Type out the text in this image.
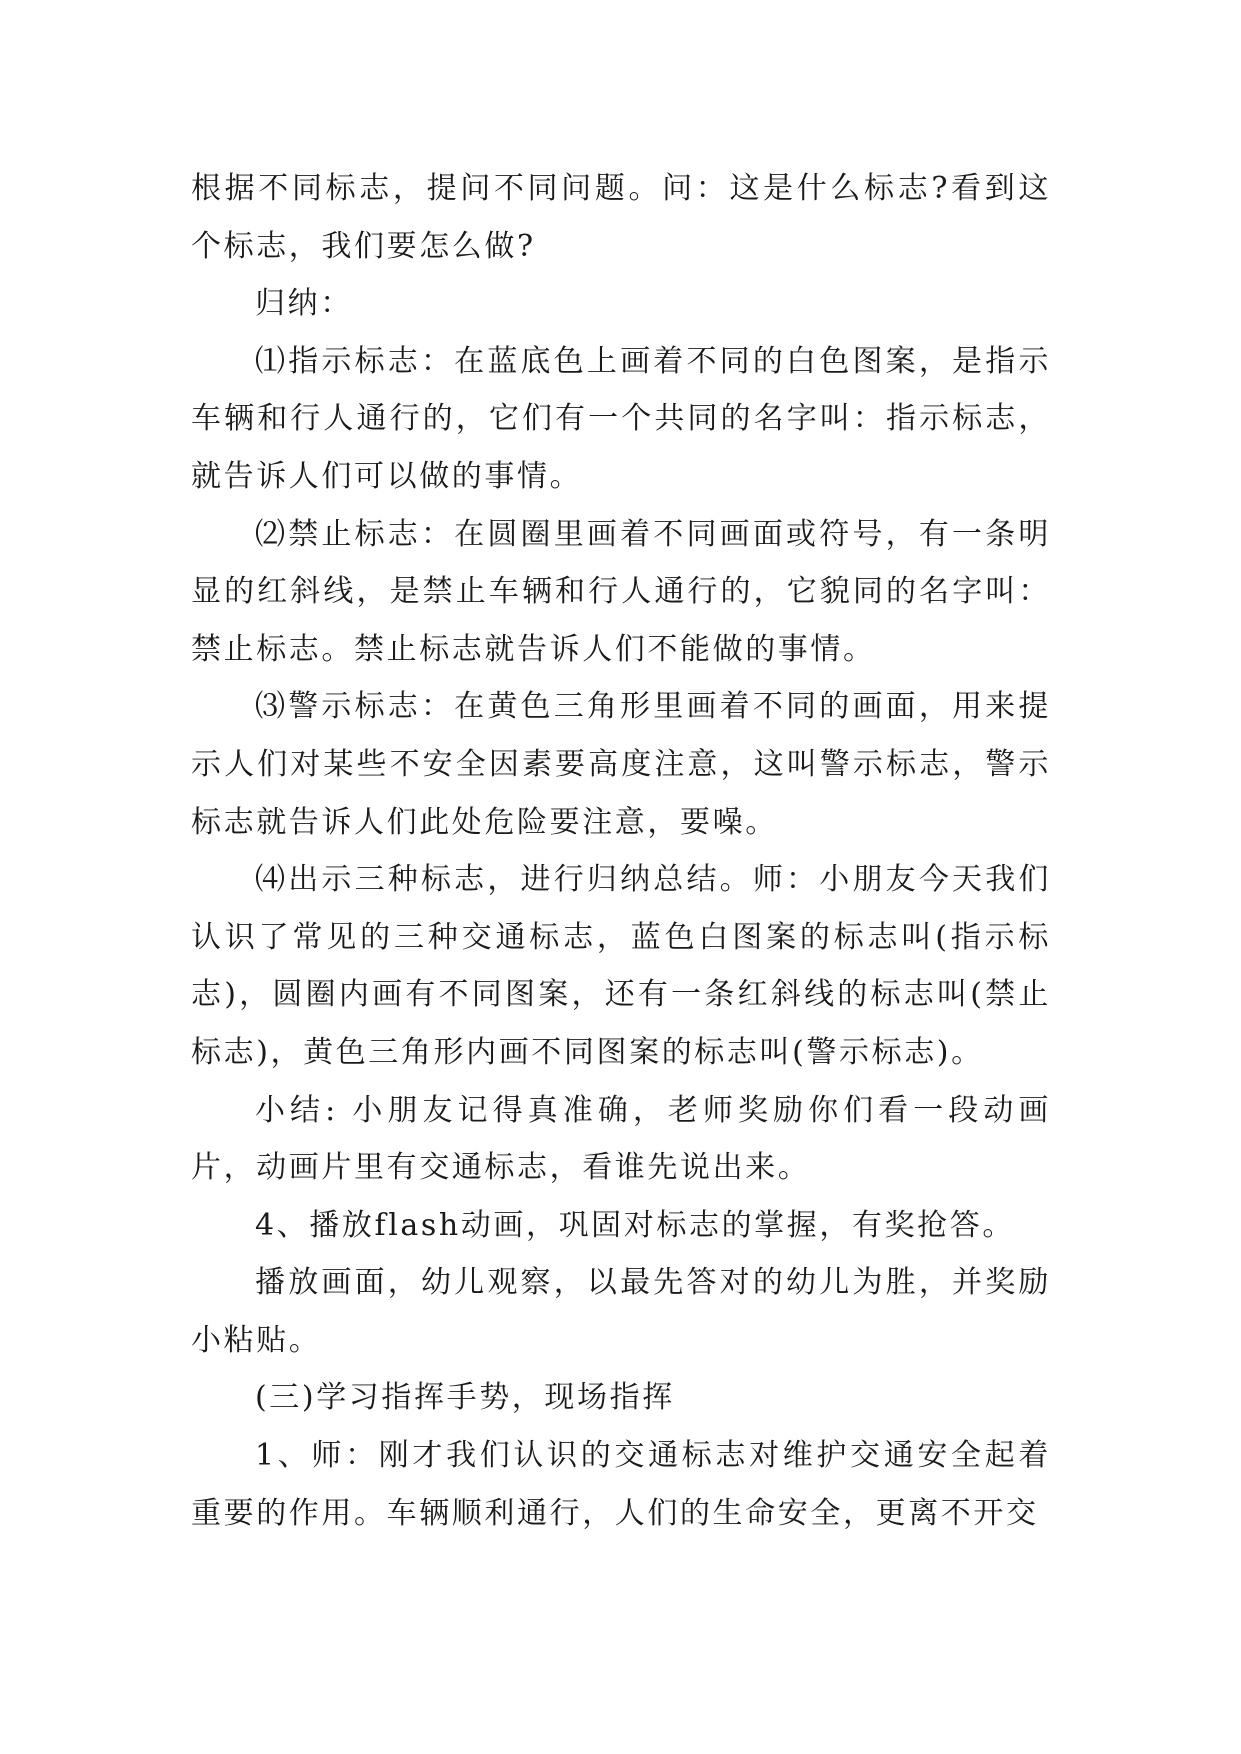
根据不同标志，提问不同问题。问：这是什么标志?看到这个标志，我们要怎么做?

归纳：

⑴指示标志：在蓝底色上画着不同的白色图案，是指示车辆和行人通行的，它们有一个共同的名字叫：指示标志，就告诉人们可以做的事情。

⑵禁止标志：在圆圈里画着不同画面或符号，有一条明显的红斜线，是禁止车辆和行人通行的，它貌同的名字叫：禁止标志。禁止标志就告诉人们不能做的事情。

⑶警示标志：在黄色三角形里画着不同的画面，用来提示人们对某些不安全因素要高度注意，这叫警示标志，警示标志就告诉人们此处危险要注意，要噪。

⑷出示三种标志，进行归纳总结。师：小朋友今天我们认识了常见的三种交通标志，蓝色白图案的标志叫(指示标志)，圆圈内画有不同图案，还有一条红斜线的标志叫(禁止标志)，黄色三角形内画不同图案的标志叫(警示标志)。

小结: 小朋友记得真准确，老师奖励你们看一段动画片，动画片里有交通标志，看谁先说出来。

4、播放flash动画，巩固对标志的掌握，有奖抢答。

播放画面，幼儿观察，以最先答对的幼儿为胜，并奖励小粘贴。

(三)学习指挥手势，现场指挥

1、师：刚才我们认识的交通标志对维护交通安全起着重要的作用。车辆顺利通行，人们的生命安全，更离不开交
